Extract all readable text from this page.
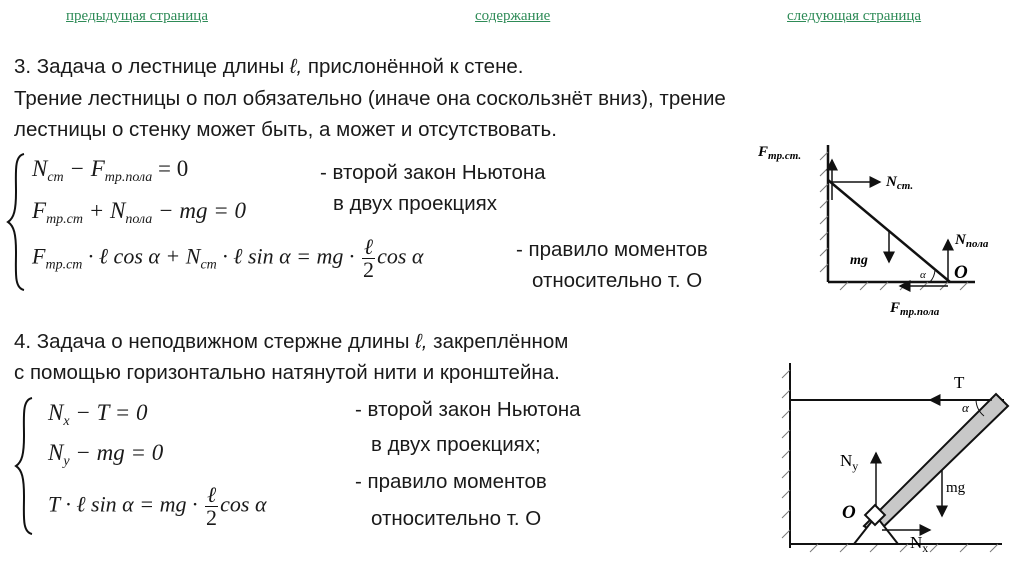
предыдущая страница	содержание	следующая страница
3. Задача о лестнице длины ℓ, прислонённой к стене.
Трение лестницы о пол обязательно (иначе она соскользнёт вниз), трение
лестницы о стенку может быть, а может и отсутствовать.
$N_{ст} - F_{тр.пола} = 0$
$F_{тр.ст} + N_{пола}$ − mg = 0
$F_{тр.ст}$ · ℓ $\cos \alpha + N_{ст}$ · ℓ sin α = mg · $\frac{\text{ℓ}}{2}$ cos α
- второй закон Ньютона
в двух проекциях
- правило моментов
относительно т. О
$F_{тр.ст.}$
$N_{ст.}$
mg
$N_{пола}$
α O
$F_{тр.пола}$
4. Задача о неподвижном стержне длины ℓ, закреплённом
с помощью горизонтально натянутой нити и кронштейна.
$N_x - T = 0$
$N_y$ − mg = 0
T · ℓ sin α = mg · $\frac{\text{ℓ}}{2}$ cos α
- второй закон Ньютона
в двух проекциях;
- правило моментов
относительно т. О
T
α
$N_y$
mg
O
$N_x$
